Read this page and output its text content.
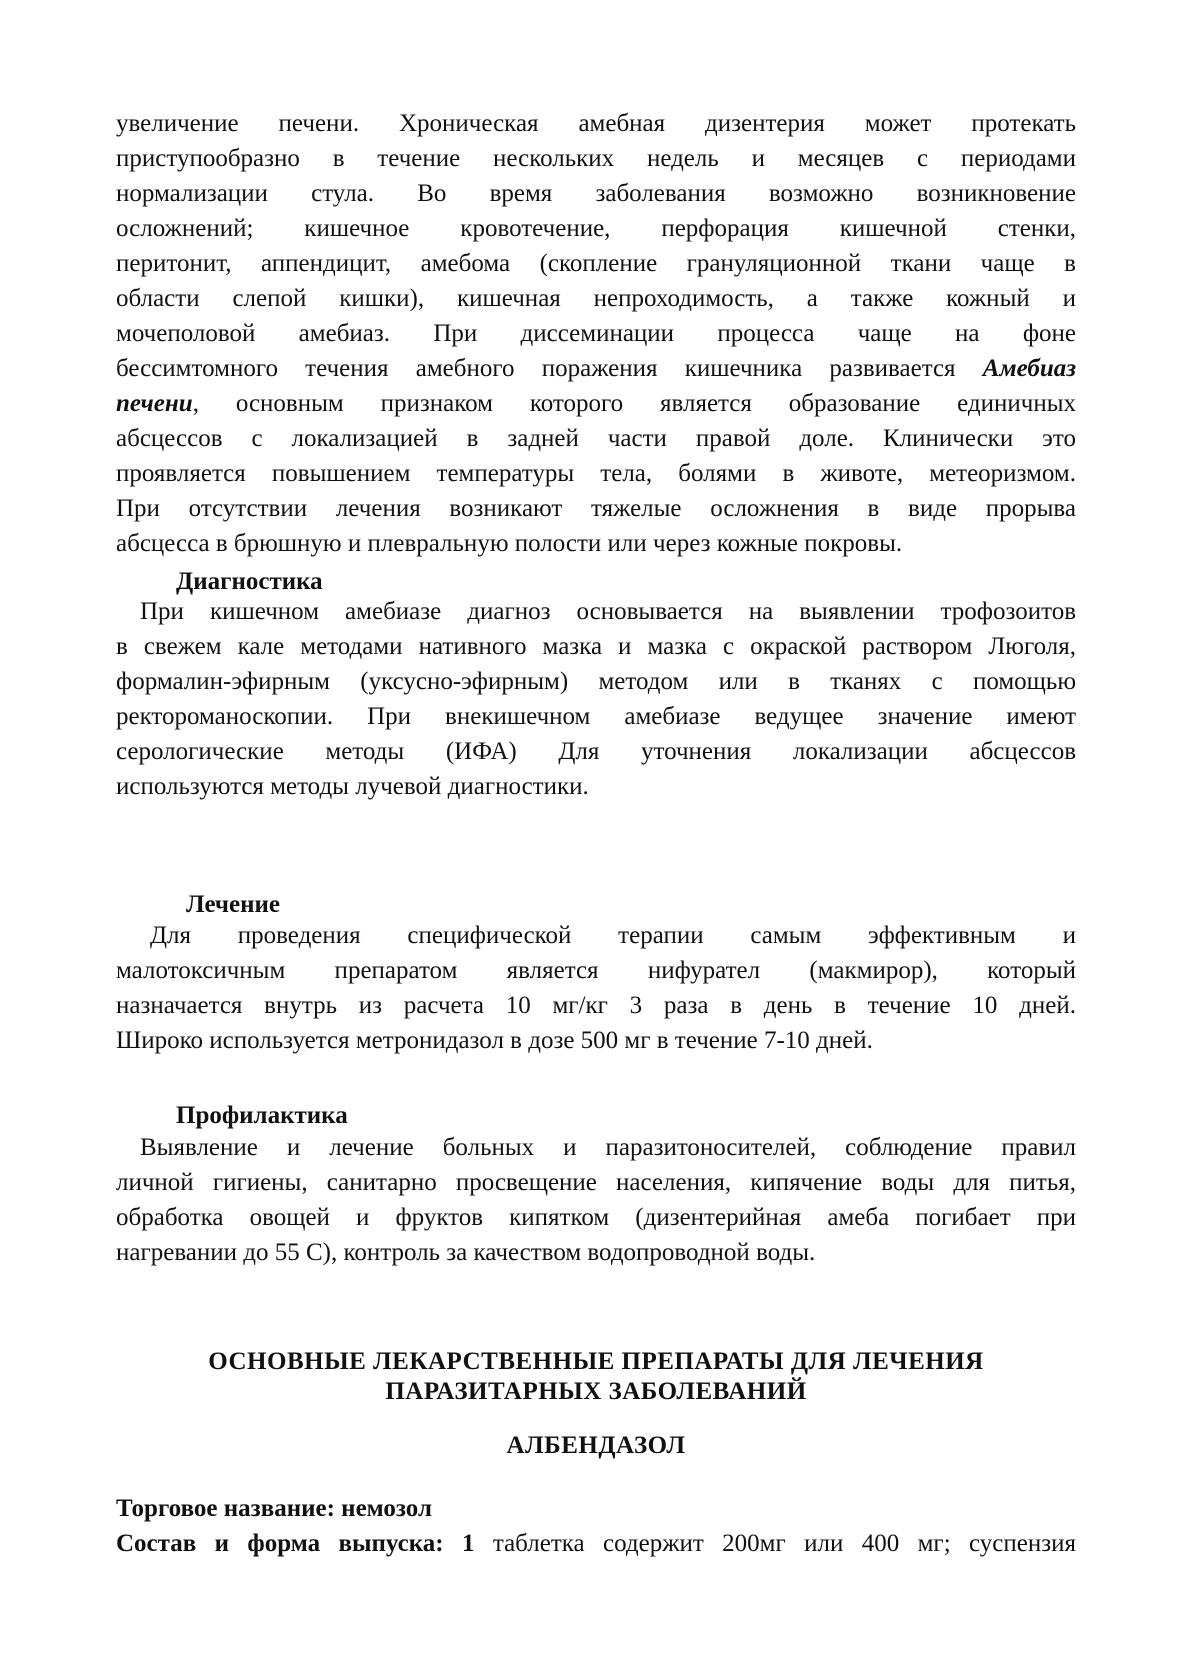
увеличение печени. Хроническая амебная дизентерия может протекать
приступообразно в течение нескольких недель и месяцев с периодами
нормализации стула. Во время заболевания возможно возникновение
осложнений; кишечное кровотечение, перфорация кишечной стенки,
перитонит, аппендицит, амебома (скопление грануляционной ткани чаще в
области слепой кишки), кишечная непроходимость, а также кожный и
мочеполовой амебиаз. При диссеминации процесса чаще на фоне
бессимтомного течения амебного поражения кишечника развивается Амебиаз
печени, основным признаком которого является образование единичных
абсцессов с локализацией в задней части правой доле. Клинически это
проявляется повышением температуры тела, болями в животе, метеоризмом.
При отсутствии лечения возникают тяжелые осложнения в виде прорыва
абсцесса в брюшную и плевральную полости или через кожные покровы.
Диагностика
При кишечном амебиазе диагноз основывается на выявлении трофозоитов
в свежем кале методами нативного мазка и мазка с окраской раствором Люголя,
формалин-эфирным (уксусно-эфирным) методом или в тканях с помощью
ректороманоскопии. При внекишечном амебиазе ведущее значение имеют
серологические методы (ИФА) Для уточнения локализации абсцессов
используются методы лучевой диагностики.
Лечение
Для проведения специфической терапии самым эффективным и
малотоксичным препаратом является нифурател (макмирор), который
назначается внутрь из расчета 10 мг/кг 3 раза в день в течение 10 дней.
Широко используется метронидазол в дозе 500 мг в течение 7-10 дней.
Профилактика
Выявление и лечение больных и паразитоносителей, соблюдение правил
личной гигиены, санитарно просвещение населения, кипячение воды для питья,
обработка овощей и фруктов кипятком (дизентерийная амеба погибает при
нагревании до 55 С), контроль за качеством водопроводной воды.
ОСНОВНЫЕ ЛЕКАРСТВЕННЫЕ ПРЕПАРАТЫ ДЛЯ ЛЕЧЕНИЯ
ПАРАЗИТАРНЫХ ЗАБОЛЕВАНИЙ
АЛБЕНДАЗОЛ
Торговое название: немозол
Состав и форма выпуска: 1 таблетка содержит 200мг или 400 мг; суспензия
